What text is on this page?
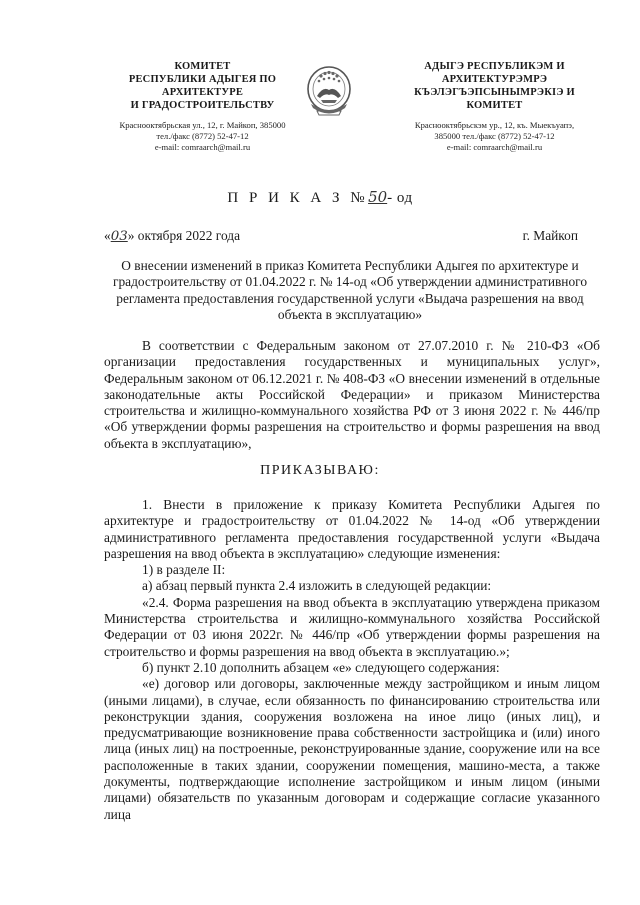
КОМИТЕТ
РЕСПУБЛИКИ АДЫГЕЯ ПО
АРХИТЕКТУРЕ
И ГРАДОСТРОИТЕЛЬСТВУ
Краснооктябрьская ул., 12, г. Майкоп, 385000
тел./факс (8772) 52-47-12
e-mail: comraarch@mail.ru
АДЫГЭ РЕСПУБЛИКЭМ И
АРХИТЕКТУРЭМРЭ
КЪЭЛЭГЪЭПСЫНЫМРЭКIЭ И
КОМИТЕТ
Краснооктябрьскэм ур., 12, къ. Мыекъуапэ,
385000 тел./факс (8772) 52-47-12
e-mail: comraarch@mail.ru
П Р И К А З №50- од
«03» октября 2022 года	г. Майкоп
О внесении изменений в приказ Комитета Республики Адыгея по архитектуре и градостроительству от 01.04.2022 г. № 14-од «Об утверждении административного регламента предоставления государственной услуги «Выдача разрешения на ввод объекта в эксплуатацию»

В соответствии с Федеральным законом от 27.07.2010 г. № 210-ФЗ «Об организации предоставления государственных и муниципальных услуг», Федеральным законом от 06.12.2021 г. № 408-ФЗ «О внесении изменений в отдельные законодательные акты Российской Федерации» и приказом Министерства строительства и жилищно-коммунального хозяйства РФ от 3 июня 2022 г. № 446/пр «Об утверждении формы разрешения на строительство и формы разрешения на ввод объекта в эксплуатацию»,

ПРИКАЗЫВАЮ:

1. Внести в приложение к приказу Комитета Республики Адыгея по архитектуре и градостроительству от 01.04.2022 № 14-од «Об утверждении административного регламента предоставления государственной услуги «Выдача разрешения на ввод объекта в эксплуатацию» следующие изменения:

1) в разделе II:

а) абзац первый пункта 2.4 изложить в следующей редакции:

«2.4. Форма разрешения на ввод объекта в эксплуатацию утверждена приказом Министерства строительства и жилищно-коммунального хозяйства Российской Федерации от 03 июня 2022г. № 446/пр «Об утверждении формы разрешения на строительство и формы разрешения на ввод объекта в эксплуатацию.»;

б) пункт 2.10 дополнить абзацем «е» следующего содержания:

«е) договор или договоры, заключенные между застройщиком и иным лицом (иными лицами), в случае, если обязанность по финансированию строительства или реконструкции здания, сооружения возложена на иное лицо (иных лиц), и предусматривающие возникновение права собственности застройщика и (или) иного лица (иных лиц) на построенные, реконструированные здание, сооружение или на все расположенные в таких здании, сооружении помещения, машино-места, а также документы, подтверждающие исполнение застройщиком и иным лицом (иными лицами) обязательств по указанным договорам и содержащие согласие указанного лица
